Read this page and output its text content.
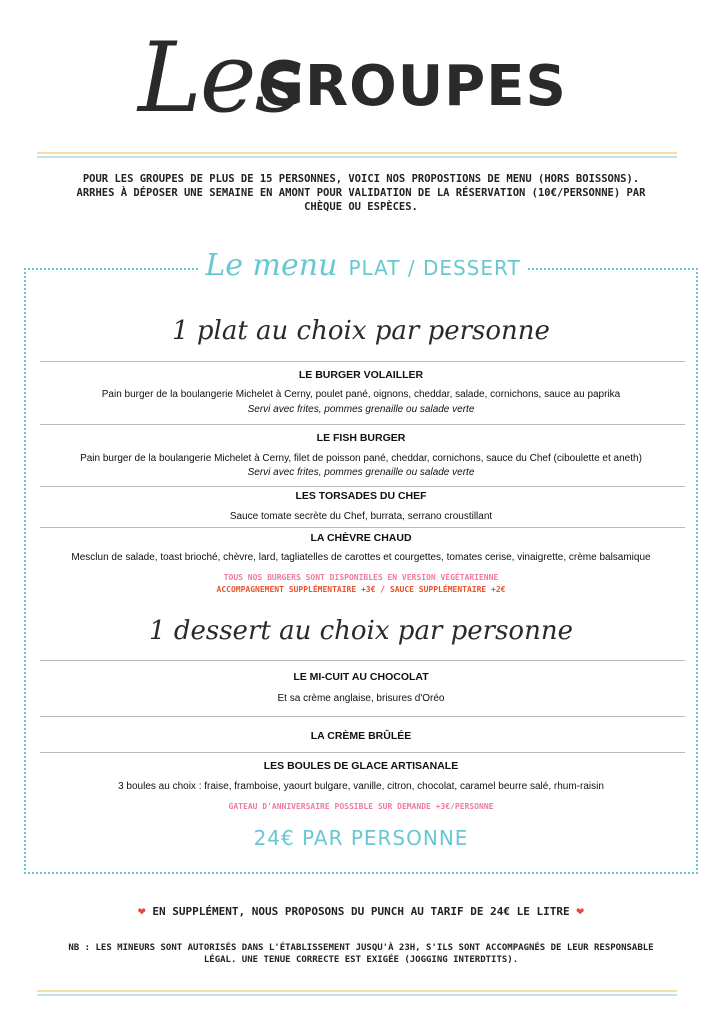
Les
GROUPES
POUR LES GROUPES DE PLUS DE 15 PERSONNES, VOICI NOS PROPOSTIONS DE MENU (HORS BOISSONS).
ARRHES À DÉPOSER UNE SEMAINE EN AMONT POUR VALIDATION DE LA RÉSERVATION (10€/PERSONNE) PAR
CHÈQUE OU ESPÈCES.
Le menu PLAT / DESSERT
1 plat au choix par personne
LE BURGER VOLAILLER
Pain burger de la boulangerie Michelet à Cerny, poulet pané, oignons, cheddar, salade, cornichons, sauce au paprika
Servi avec frites, pommes grenaille ou salade verte
LE FISH BURGER
Pain burger de la boulangerie Michelet à Cerny, filet de poisson pané, cheddar, cornichons, sauce du Chef (ciboulette et aneth)
Servi avec frites, pommes grenaille ou salade verte
LES TORSADES DU CHEF
Sauce tomate secrète du Chef, burrata, serrano croustillant
LA CHÈVRE CHAUD
Mesclun de salade, toast brioché, chèvre, lard, tagliatelles de carottes et courgettes, tomates cerise, vinaigrette, crème balsamique
TOUS NOS BURGERS SONT DISPONIBLES EN VERSION VÉGÉTARIENNE
ACCOMPAGNEMENT SUPPLÉMENTAIRE +3€ / SAUCE SUPPLÉMENTAIRE +2€
1 dessert au choix par personne
LE MI-CUIT AU CHOCOLAT
Et sa crème anglaise, brisures d'Oréo
LA CRÈME BRÛLÉE
LES BOULES DE GLACE ARTISANALE
3 boules au choix : fraise, framboise, yaourt bulgare, vanille, citron, chocolat, caramel beurre salé, rhum-raisin
GATEAU D'ANNIVERSAIRE POSSIBLE SUR DEMANDE +3€/PERSONNE
24€ PAR PERSONNE
❤ EN SUPPLÉMENT, NOUS PROPOSONS DU PUNCH AU TARIF DE 24€ LE LITRE ❤
NB : LES MINEURS SONT AUTORISÉS DANS L'ÉTABLISSEMENT JUSQU'À 23H, S'ILS SONT ACCOMPAGNÉS DE LEUR RESPONSABLE
LÉGAL. UNE TENUE CORRECTE EST EXIGÉE (JOGGING INTERDTITS).
